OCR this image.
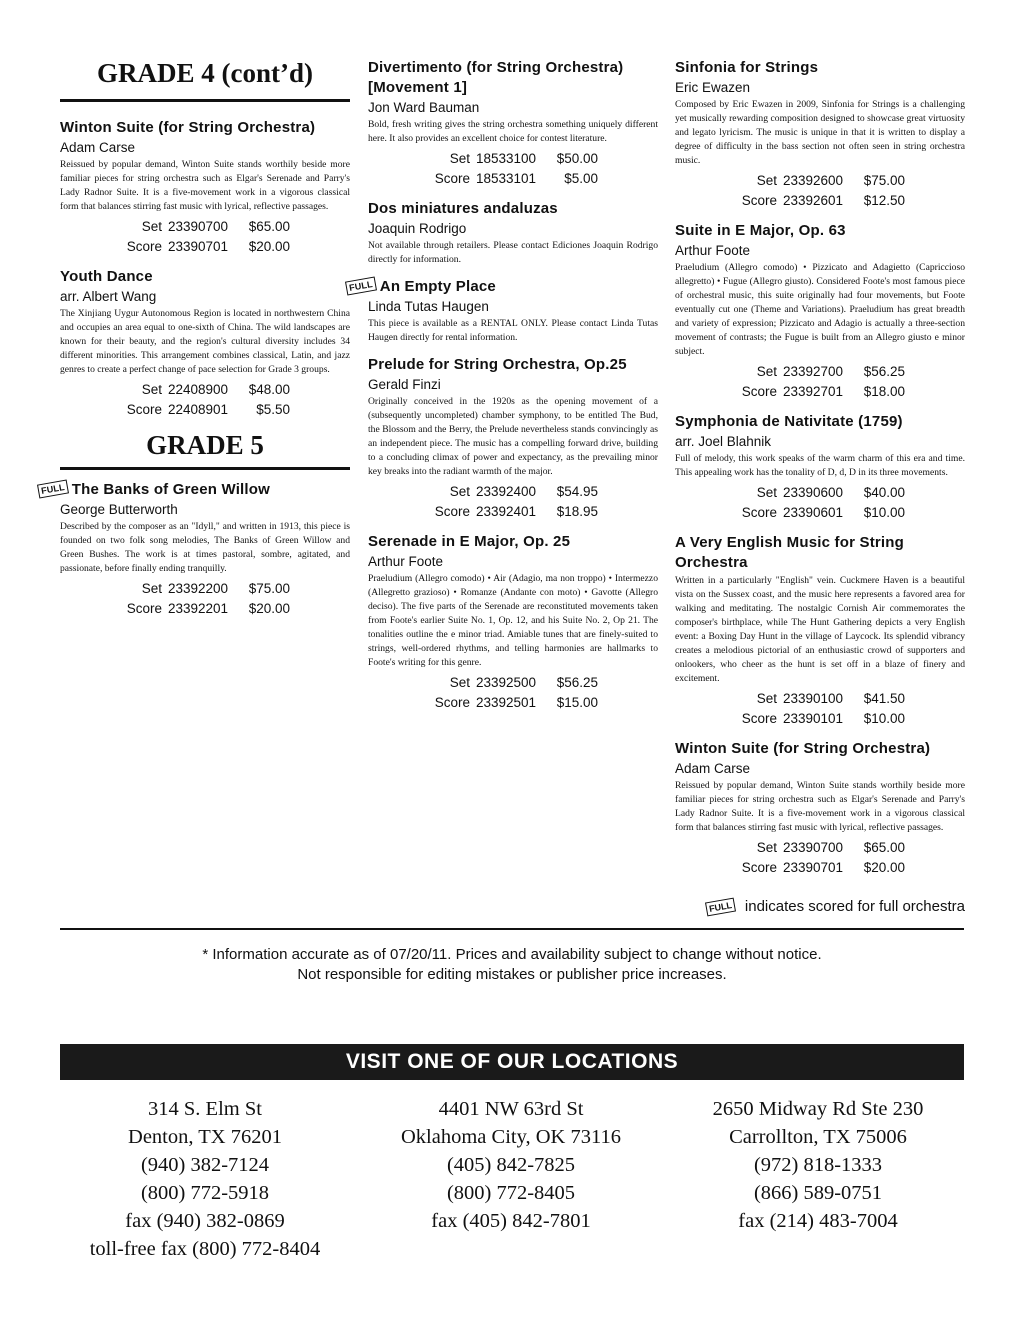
GRADE 4 (cont’d)
Winton Suite (for String Orchestra)
Adam Carse
Reissued by popular demand, Winton Suite stands worthily beside more familiar pieces for string orchestra such as Elgar's Serenade and Parry's Lady Radnor Suite. It is a five-movement work in a vigorous classical form that balances stirring fast music with lyrical, reflective passages.
Set 23390700	$65.00
Score 23390701	$20.00
Youth Dance
arr. Albert Wang
The Xinjiang Uygur Autonomous Region is located in northwestern China and occupies an area equal to one-sixth of China. The wild landscapes are known for their beauty, and the region's cultural diversity includes 34 different minorities. This arrangement combines classical, Latin, and jazz genres to create a perfect change of pace selection for Grade 3 groups.
Set 22408900	$48.00
Score 22408901	$5.50
GRADE 5
FULL The Banks of Green Willow
George Butterworth
Described by the composer as an "Idyll," and written in 1913, this piece is founded on two folk song melodies, The Banks of Green Willow and Green Bushes. The work is at times pastoral, sombre, agitated, and passionate, before finally ending tranquilly.
Set 23392200	$75.00
Score 23392201	$20.00
Divertimento (for String Orchestra) [Movement 1]
Jon Ward Bauman
Bold, fresh writing gives the string orchestra something uniquely different here. It also provides an excellent choice for contest literature.
Set 18533100	$50.00
Score 18533101	$5.00
Dos miniatures andaluzas
Joaquin Rodrigo
Not available through retailers. Please contact Ediciones Joaquin Rodrigo directly for information.
FULL An Empty Place
Linda Tutas Haugen
This piece is available as a RENTAL ONLY. Please contact Linda Tutas Haugen directly for rental information.
Prelude for String Orchestra, Op.25
Gerald Finzi
Originally conceived in the 1920s as the opening movement of a (subsequently uncompleted) chamber symphony, to be entitled The Bud, the Blossom and the Berry, the Prelude nevertheless stands convincingly as an independent piece. The music has a compelling forward drive, building to a concluding climax of power and expectancy, as the prevailing minor key breaks into the radiant warmth of the major.
Set 23392400	$54.95
Score 23392401	$18.95
Serenade in E Major, Op. 25
Arthur Foote
Praeludium (Allegro comodo) • Air (Adagio, ma non troppo) • Intermezzo (Allegretto grazioso) • Romanze (Andante con moto) • Gavotte (Allegro deciso). The five parts of the Serenade are reconstituted movements taken from Foote's earlier Suite No. 1, Op. 12, and his Suite No. 2, Op 21. The tonalities outline the e minor triad. Amiable tunes that are finely-suited to strings, well-ordered rhythms, and telling harmonies are hallmarks to Foote's writing for this genre.
Set 23392500	$56.25
Score 23392501	$15.00
Sinfonia for Strings
Eric Ewazen
Composed by Eric Ewazen in 2009, Sinfonia for Strings is a challenging yet musically rewarding composition designed to showcase great virtuosity and legato lyricism. The music is unique in that it is written to display a degree of difficulty in the bass section not often seen in string orchestra music.
Set 23392600	$75.00
Score 23392601	$12.50
Suite in E Major, Op. 63
Arthur Foote
Praeludium (Allegro comodo) • Pizzicato and Adagietto (Capriccioso allegretto) • Fugue (Allegro giusto). Considered Foote's most famous piece of orchestral music, this suite originally had four movements, but Foote eventually cut one (Theme and Variations). Praeludium has great breadth and variety of expression; Pizzicato and Adagio is actually a three-section movement of contrasts; the Fugue is built from an Allegro giusto e minor subject.
Set 23392700	$56.25
Score 23392701	$18.00
Symphonia de Nativitate (1759)
arr. Joel Blahnik
Full of melody, this work speaks of the warm charm of this era and time. This appealing work has the tonality of D, d, D in its three movements.
Set 23390600	$40.00
Score 23390601	$10.00
A Very English Music for String Orchestra
Written in a particularly "English" vein. Cuckmere Haven is a beautiful vista on the Sussex coast, and the music here represents a favored area for walking and meditating. The nostalgic Cornish Air commemorates the composer's birthplace, while The Hunt Gathering depicts a very English event: a Boxing Day Hunt in the village of Laycock. Its splendid vibrancy creates a melodious pictorial of an enthusiastic crowd of supporters and onlookers, who cheer as the hunt is set off in a blaze of finery and excitement.
Set 23390100	$41.50
Score 23390101	$10.00
Winton Suite (for String Orchestra)
Adam Carse
Reissued by popular demand, Winton Suite stands worthily beside more familiar pieces for string orchestra such as Elgar's Serenade and Parry's Lady Radnor Suite. It is a five-movement work in a vigorous classical form that balances stirring fast music with lyrical, reflective passages.
Set 23390700	$65.00
Score 23390701	$20.00
FULL indicates scored for full orchestra
* Information accurate as of 07/20/11. Prices and availability subject to change without notice.
Not responsible for editing mistakes or publisher price increases.
VISIT ONE OF OUR LOCATIONS
314 S. Elm St
Denton, TX 76201
(940) 382-7124
(800) 772-5918
fax (940) 382-0869
toll-free fax (800) 772-8404
4401 NW 63rd St
Oklahoma City, OK 73116
(405) 842-7825
(800) 772-8405
fax (405) 842-7801
2650 Midway Rd Ste 230
Carrollton, TX 75006
(972) 818-1333
(866) 589-0751
fax (214) 483-7004
